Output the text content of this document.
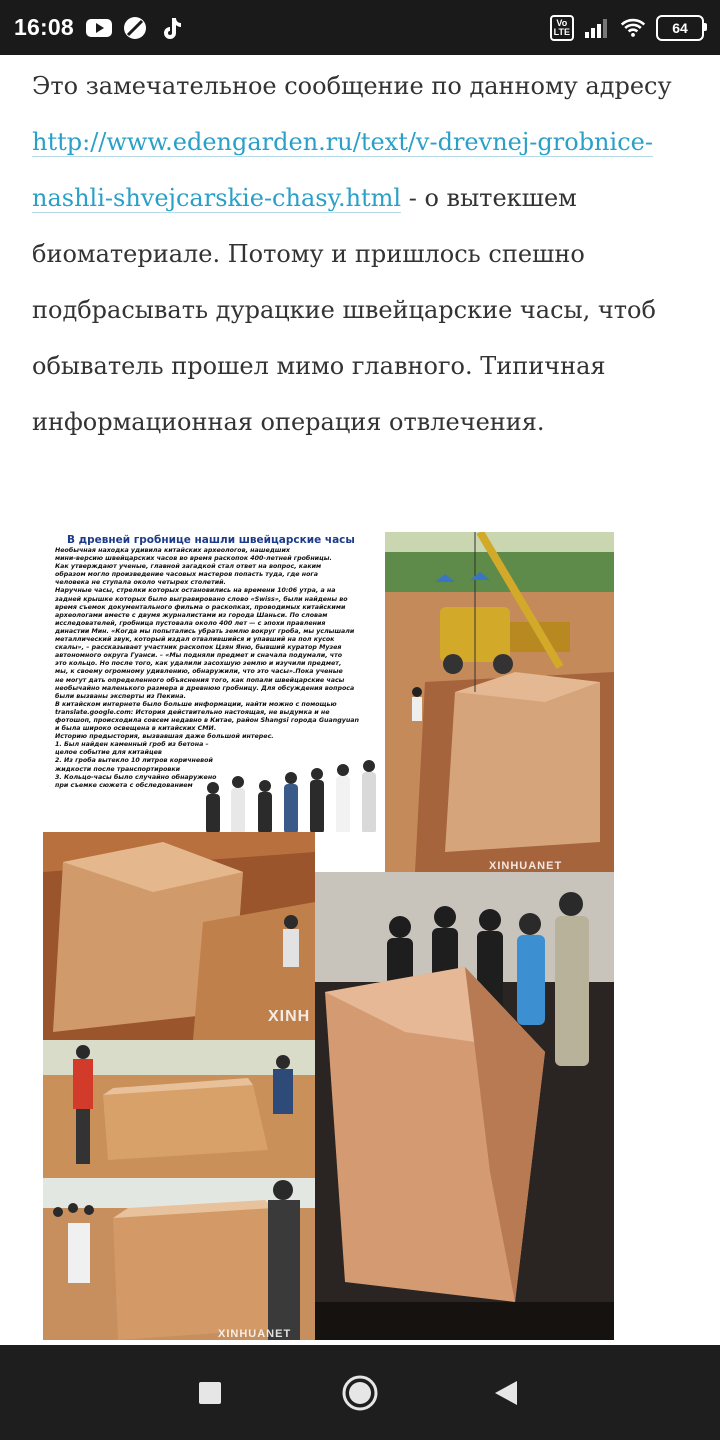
16:08	Vo
LTE	64
Это замечательное сообщение по данному адресу http://www.edengarden.ru/text/v-drevnej-grobnice-nashli-shvejcarskie-chasy.html - о вытекшем биоматериале. Потому и пришлось спешно подбрасывать дурацкие швейцарские часы, чтоб обыватель прошел мимо главного. Типичная информационная операция отвлечения.
В древней гробнице нашли швейцарские часы
Необычная находка удивила китайских археологов, нашедших
мини-версию швейцарских часов во время раскопок 400-летней гробницы.
Как утверждают ученые, главной загадкой стал ответ на вопрос, каким
образом могло произведение часовых мастеров попасть туда, где нога
человека не ступала около четырех столетий.
Наручные часы, стрелки которых остановились на времени 10:06 утра, а на
задней крышке которых было выгравировано слово «Swiss», были найдены во
время съемок документального фильма о раскопках, проводимых китайскими
археологами вместе с двумя журналистами из города Шаньси. По словам
исследователей, гробница пустовала около 400 лет — с эпохи правления
династии Мин. «Когда мы попытались убрать землю вокруг гроба, мы услышали
металлический звук, который издал отвалившийся и упавший на пол кусок
скалы», – рассказывает участник раскопок Цзян Яню, бывший куратор Музея
автономного округа Гуанси. – «Мы подняли предмет и сначала подумали, что
это кольцо. Но после того, как удалили засохшую землю и изучили предмет,
мы, к своему огромному удивлению, обнаружили, что это часы».Пока ученые
не могут дать определенного объяснения того, как попали швейцарские часы
необычайно маленького размера в древнюю гробницу. Для обсуждения вопроса
были вызваны эксперты из Пекина.
В китайском интернете было больше информации, найти можно с помощью
translate.google.com: История действительно настоящая, не выдумка и не
фотошоп, происходила совсем недавно в Китае, район Shangsi города Guangyuan
и была широко освещена в китайских СМИ.
Историю предыстория, вызвавшая даже большой интерес.
1. Был найден каменный гроб из бетона –
целое событие для китайцев
2. Из гроба вытекло 10 литров коричневой
жидкости после транспортировки
3. Кольцо-часы было случайно обнаружено
при съемке сюжета с обследованием
XINHUANET
XINH
XINHUANET
